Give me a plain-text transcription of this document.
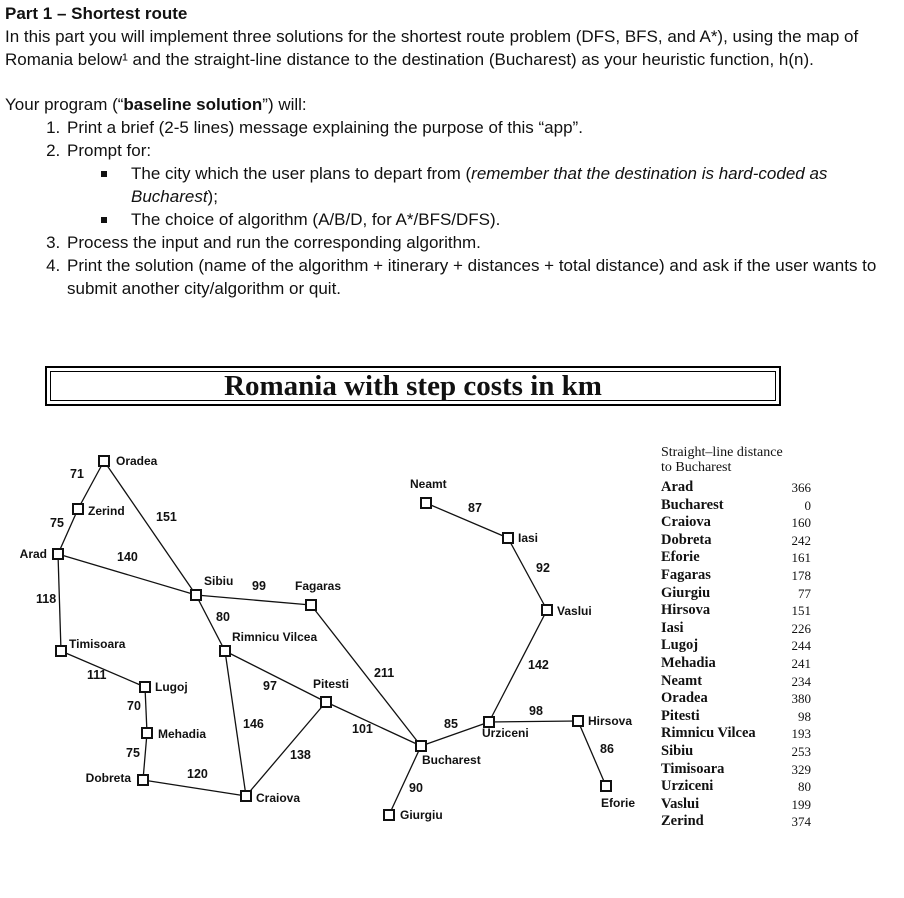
Part 1 – Shortest route

In this part you will implement three solutions for the shortest route problem (DFS, BFS, and A*), using the map of Romania below¹ and the straight-line distance to the destination (Bucharest) as your heuristic function, h(n).

Your program (“baseline solution”) will:

1. Print a brief (2-5 lines) message explaining the purpose of this “app”.
2. Prompt for:
The city which the user plans to depart from (remember that the destination is hard-coded as Bucharest);
The choice of algorithm (A/B/D, for A*/BFS/DFS).
3. Process the input and run the corresponding algorithm.
4. Print the solution (name of the algorithm + itinerary + distances + total distance) and ask if the user wants to submit another city/algorithm or quit.
Romania with step costs in km
71
75	151
140
118
111
70
75
120
99
80
97
146
138
211
101
90
85
142
98
86
92
87
Oradea
Zerind
Arad
Timisoara
Lugoj
Mehadia
Dobreta
Sibiu
Rimnicu Vilcea
Craiova
Fagaras
Pitesti
Bucharest
Giurgiu
Urziceni
Neamt
Iasi
Vaslui
Hirsova
Eforie
Straight–line distance
to Bucharest
Arad	366
Bucharest	0
Craiova	160
Dobreta	242
Eforie	161
Fagaras	178
Giurgiu	77
Hirsova	151
Iasi	226
Lugoj	244
Mehadia	241
Neamt	234
Oradea	380
Pitesti	98
Rimnicu Vilcea	193
Sibiu	253
Timisoara	329
Urziceni	80
Vaslui	199
Zerind	374
